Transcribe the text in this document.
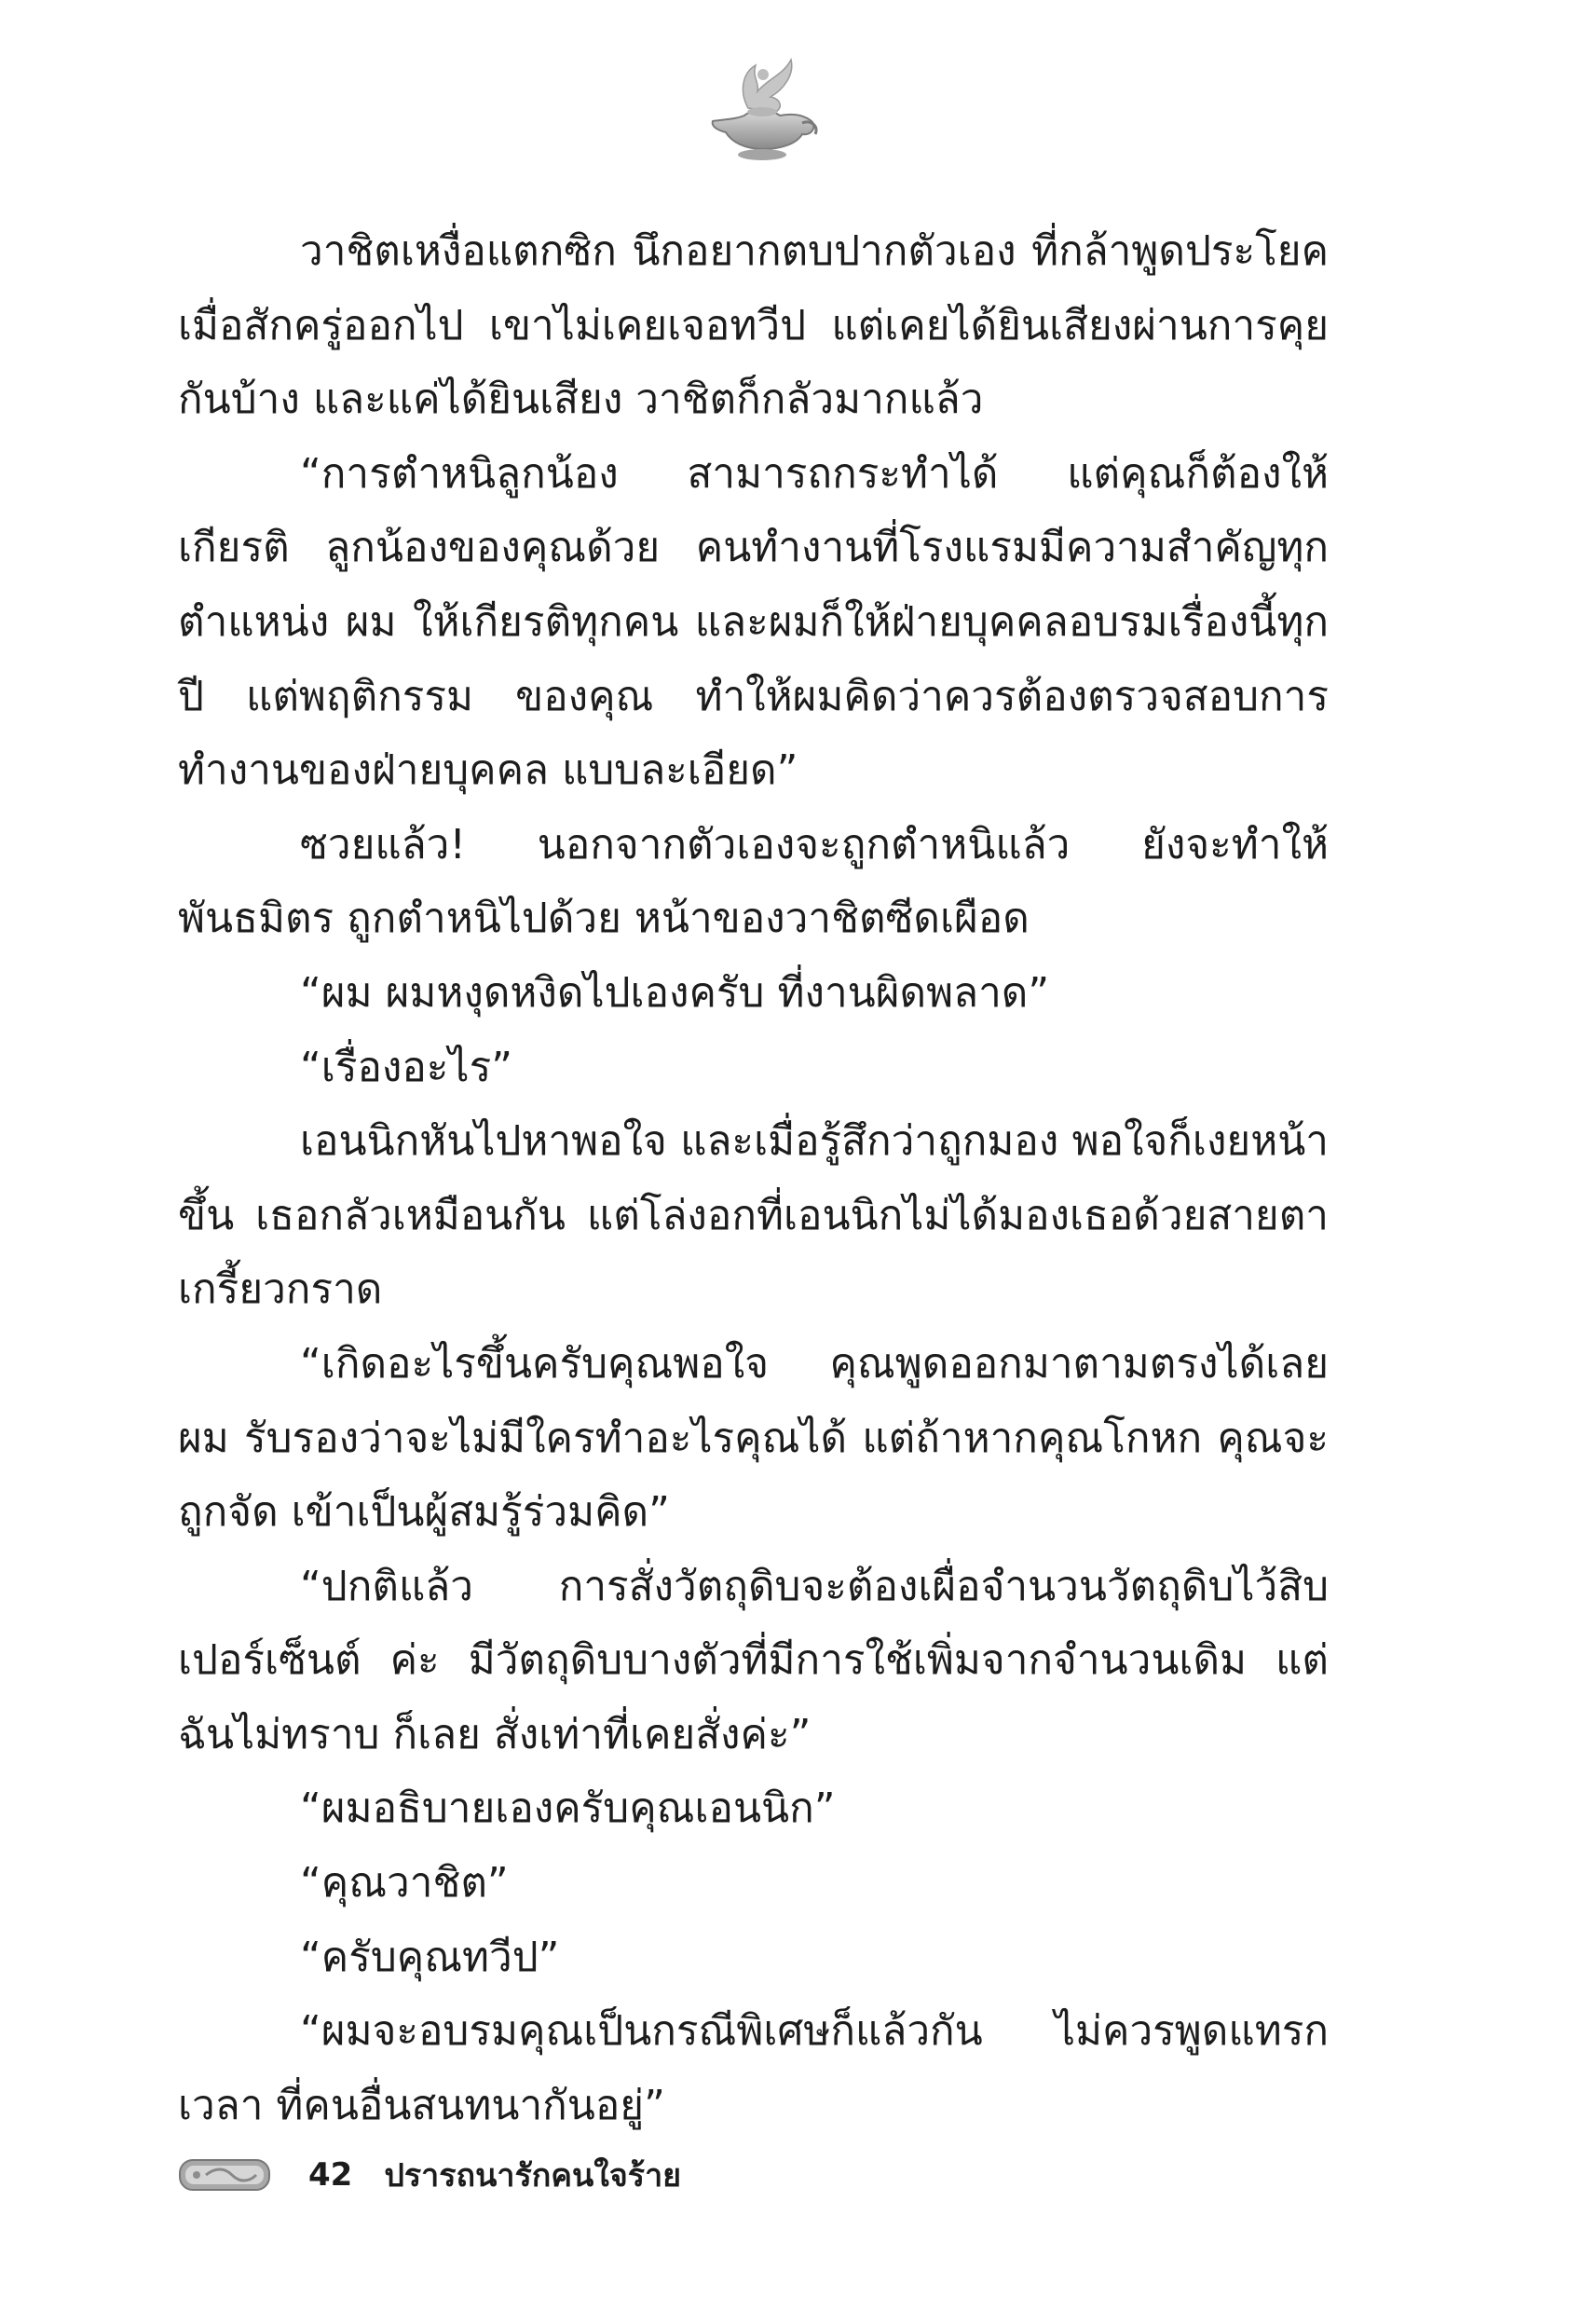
วาชิตเหงื่อแตกซิก นึกอยากตบปากตัวเอง ที่กล้าพูดประโยค เมื่อสักครู่ออกไป เขาไม่เคยเจอทวีป แต่เคยได้ยินเสียงผ่านการคุย กันบ้าง และแค่ได้ยินเสียง วาชิตก็กลัวมากแล้ว

“การตำหนิลูกน้อง สามารถกระทำได้ แต่คุณก็ต้องให้เกียรติ ลูกน้องของคุณด้วย คนทำงานที่โรงแรมมีความสำคัญทุกตำแหน่ง ผม ให้เกียรติทุกคน และผมก็ให้ฝ่ายบุคคลอบรมเรื่องนี้ทุกปี แต่พฤติกรรม ของคุณ ทำให้ผมคิดว่าควรต้องตรวจสอบการทำงานของฝ่ายบุคคล แบบละเอียด”

ซวยแล้ว! นอกจากตัวเองจะถูกตำหนิแล้ว ยังจะทำให้พันธมิตร ถูกตำหนิไปด้วย หน้าของวาชิตซีดเผือด

“ผม ผมหงุดหงิดไปเองครับ ที่งานผิดพลาด”

“เรื่องอะไร”

เอนนิกหันไปหาพอใจ และเมื่อรู้สึกว่าถูกมอง พอใจก็เงยหน้า ขึ้น เธอกลัวเหมือนกัน แต่โล่งอกที่เอนนิกไม่ได้มองเธอด้วยสายตา เกรี้ยวกราด

“เกิดอะไรขึ้นครับคุณพอใจ คุณพูดออกมาตามตรงได้เลย ผม รับรองว่าจะไม่มีใครทำอะไรคุณได้ แต่ถ้าหากคุณโกหก คุณจะถูกจัด เข้าเป็นผู้สมรู้ร่วมคิด”

“ปกติแล้ว การสั่งวัตถุดิบจะต้องเผื่อจำนวนวัตถุดิบไว้สิบเปอร์เซ็นต์ ค่ะ มีวัตถุดิบบางตัวที่มีการใช้เพิ่มจากจำนวนเดิม แต่ฉันไม่ทราบ ก็เลย สั่งเท่าที่เคยสั่งค่ะ”

“ผมอธิบายเองครับคุณเอนนิก”

“คุณวาชิต”

“ครับคุณทวีป”

“ผมจะอบรมคุณเป็นกรณีพิเศษก็แล้วกัน ไม่ควรพูดแทรก เวลา ที่คนอื่นสนทนากันอยู่”

42 ปรารถนารักคนใจร้าย
